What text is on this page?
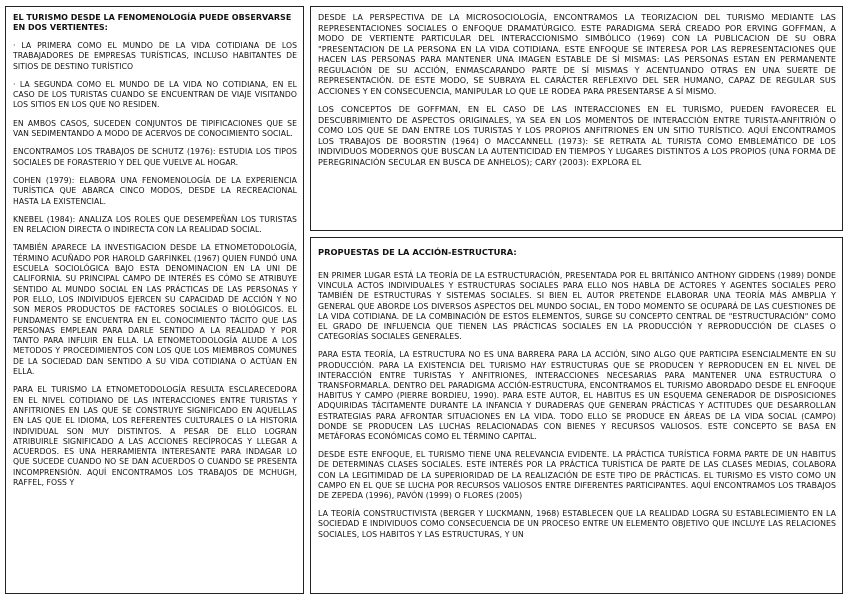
EL TURISMO DESDE LA FENOMENOLOGÍA PUEDE OBSERVARSE EN DOS VERTIENTES:

· LA PRIMERA COMO EL MUNDO DE LA VIDA COTIDIANA DE LOS TRABAJADORES DE EMPRESAS TURÍSTICAS, INCLUSO HABITANTES DE SITIOS DE DESTINO TURÍSTICO

· LA SEGUNDA COMO EL MUNDO DE LA VIDA NO COTIDIANA, EN EL CASO DE LOS TURISTAS CUANDO SE ENCUENTRAN DE VIAJE VISITANDO LOS SITIOS EN LOS QUE NO RESIDEN.

EN AMBOS CASOS, SUCEDEN CONJUNTOS DE TIPIFICACIONES QUE SE VAN SEDIMENTANDO A MODO DE ACERVOS DE CONOCIMIENTO SOCIAL.

ENCONTRAMOS LOS TRABAJOS DE SCHUTZ (1976): ESTUDIA LOS TIPOS SOCIALES DE FORASTERIO Y DEL QUE VUELVE AL HOGAR.

COHEN (1979): ELABORA UNA FENOMENOLOGÍA DE LA EXPERIENCIA TURÍSTICA QUE ABARCA CINCO MODOS, DESDE LA RECREACIONAL HASTA LA EXISTENCIAL.

KNEBEL (1984): ANALIZA LOS ROLES QUE DESEMPEÑAN LOS TURISTAS EN RELACION DIRECTA O INDIRECTA CON LA REALIDAD SOCIAL.

TAMBIÉN APARECE LA INVESTIGACION DESDE LA ETNOMETODOLOGÍA, TÉRMINO ACUÑADO POR HAROLD GARFINKEL (1967) QUIEN FUNDÓ UNA ESCUELA SOCIOLÓGICA BAJO ESTA DENOMINACION EN LA UNI DE CALIFORNIA. SU PRINCIPAL CAMPO DE INTERÉS ES CÓMO SE ATRIBUYE SENTIDO AL MUNDO SOCIAL EN LAS PRÁCTICAS DE LAS PERSONAS Y POR ELLO, LOS INDIVIDUOS EJERCEN SU CAPACIDAD DE ACCIÓN Y NO SON MEROS PRODUCTOS DE FACTORES SOCIALES O BIOLÓGICOS. EL FUNDAMENTO SE ENCUENTRA EN EL CONOCIMIENTO TÁCITO QUE LAS PERSONAS EMPLEAN PARA DARLE SENTIDO A LA REALIDAD Y POR TANTO PARA INFLUIR EN ELLA. LA ETNOMETODOLOGÍA ALUDE A LOS METODOS Y PROCEDIMIENTOS CON LOS QUE LOS MIEMBROS COMUNES DE LA SOCIEDAD DAN SENTIDO A SU VIDA COTIDIANA O ACTÚAN EN ELLA.

PARA EL TURISMO LA ETNOMETODOLOGÍA RESULTA ESCLARECEDORA EN EL NIVEL COTIDIANO DE LAS INTERACCIONES ENTRE TURISTAS Y ANFITRIONES EN LAS QUE SE CONSTRUYE SIGNIFICADO EN AQUELLAS EN LAS QUE EL IDIOMA, LOS REFERENTES CULTURALES O LA HISTORIA INDIVIDUAL SON MUY DISTINTOS. A PESAR DE ELLO LOGRAN ATRIBUIRLE SIGNIFICADO A LAS ACCIONES RECÍPROCAS Y LLEGAR A ACUERDOS. ES UNA HERRAMIENTA INTERESANTE PARA INDAGAR LO QUE SUCEDE CUANDO NO SE DAN ACUERDOS O CUANDO SE PRESENTA INCOMPRENSIÓN. AQUÍ ENCONTRAMOS LOS TRABAJOS DE MCHUGH, RAFFEL, FOSS Y

DESDE LA PERSPECTIVA DE LA MICROSOCIOLOGÍA, ENCONTRAMOS LA TEORIZACION DEL TURISMO MEDIANTE LAS REPRESENTACIONES SOCIALES O ENFOQUE DRAMATÚRGICO. ESTE PARADIGMA SERÁ CREADO POR ERVING GOFFMAN, A MODO DE VERTIENTE PARTICULAR DEL INTERACCIONISMO SIMBÓLICO (1969) CON LA PUBLICACION DE SU OBRA "PRESENTACION DE LA PERSONA EN LA VIDA COTIDIANA. ESTE ENFOQUE SE INTERESA POR LAS REPRESENTACIONES QUE HACEN LAS PERSONAS PARA MANTENER UNA IMAGEN ESTABLE DE SÍ MISMAS: LAS PERSONAS ESTAN EN PERMANENTE REGULACIÓN DE SU ACCIÓN, ENMASCARANDO PARTE DE SÍ MISMAS Y ACENTUANDO OTRAS EN UNA SUERTE DE REPRESENTACIÓN. DE ESTE MODO, SE SUBRAYA EL CARÁCTER REFLEXIVO DEL SER HUMANO, CAPAZ DE REGULAR SUS ACCIONES Y EN CONSECUENCIA, MANIPULAR LO QUE LE RODEA PARA PRESENTARSE A SÍ MISMO.

LOS CONCEPTOS DE GOFFMAN, EN EL CASO DE LAS INTERACCIONES EN EL TURISMO, PUEDEN FAVORECER EL DESCUBRIMIENTO DE ASPECTOS ORIGINALES, YA SEA EN LOS MOMENTOS DE INTERACCIÓN ENTRE TURISTA-ANFITRIÓN O COMO LOS QUE SE DAN ENTRE LOS TURISTAS Y LOS PROPIOS ANFITRIONES EN UN SITIO TURÍSTICO. AQUÍ ENCONTRAMOS LOS TRABAJOS DE BOORSTIN (1964) O MACCANNELL (1973): SE RETRATA AL TURISTA COMO EMBLEMÁTICO DE LOS INDIVIDUOS MODERNOS QUE BUSCAN LA AUTENTICIDAD EN TIEMPOS Y LUGARES DISTINTOS A LOS PROPIOS (UNA FORMA DE PEREGRINACIÓN SECULAR EN BUSCA DE ANHELOS); CARY (2003): EXPLORA EL

PROPUESTAS DE LA ACCIÓN-ESTRUCTURA:

EN PRIMER LUGAR ESTÁ LA TEORÍA DE LA ESTRUCTURACIÓN, PRESENTADA POR EL BRITÁNICO ANTHONY GIDDENS (1989) DONDE VINCULA ACTOS INDIVIDUALES Y ESTRUCTURAS SOCIALES PARA ELLO NOS HABLA DE ACTORES Y AGENTES SOCIALES PERO TAMBIÉN DE ESTRUCTURAS Y SISTEMAS SOCIALES. SI BIEN EL AUTOR PRETENDE ELABORAR UNA TEORÍA MÁS AMBPLIA Y GENERAL QUE ABORDE LOS DIVERSOS ASPECTOS DEL MUNDO SOCIAL, EN TODO MOMENTO SE OCUPARÁ DE LAS CUESTIONES DE LA VIDA COTIDIANA. DE LA COMBINACIÓN DE ESTOS ELEMENTOS, SURGE SU CONCEPTO CENTRAL DE "ESTRUCTURACIÓN" COMO EL GRADO DE INFLUENCIA QUE TIENEN LAS PRÁCTICAS SOCIALES EN LA PRODUCCIÓN Y REPRODUCCIÓN DE CLASES O CATEGORÍAS SOCIALES GENERALES.

PARA ESTA TEORÍA, LA ESTRUCTURA NO ES UNA BARRERA PARA LA ACCIÓN, SINO ALGO QUE PARTICIPA ESENCIALMENTE EN SU PRODUCCIÓN. PARA LA EXISTENCIA DEL TURISMO HAY ESTRUCTURAS QUE SE PRODUCEN Y REPRODUCEN EN EL NIVEL DE INTERACCIÓN ENTRE TURISTAS Y ANFITRIONES, INTERACCIONES NECESARIAS PARA MANTENER UNA ESTRUCTURA O TRANSFORMARLA. DENTRO DEL PARADIGMA ACCIÓN-ESTRUCTURA, ENCONTRAMOS EL TURISMO ABORDADO DESDE EL ENFOQUE HABITUS Y CAMPO (PIERRE BORDIEU, 1990). PARA ESTE AUTOR, EL HABITUS ES UN ESQUEMA GENERADOR DE DISPOSICIONES ADQUIRIDAS TÁCITAMENTE DURANTE LA INFANCIA Y DURADERAS QUE GENERAN PRÁCTICAS Y ACTITUDES QUE DESARROLLAN ESTRATEGIAS PARA AFRONTAR SITUACIONES EN LA VIDA. TODO ELLO SE PRODUCE EN ÁREAS DE LA VIDA SOCIAL (CAMPO) DONDE SE PRODUCEN LAS LUCHAS RELACIONADAS CON BIENES Y RECURSOS VALIOSOS. ESTE CONCEPTO SE BASA EN METÁFORAS ECONÓMICAS COMO EL TÉRMINO CAPITAL.

DESDE ESTE ENFOQUE, EL TURISMO TIENE UNA RELEVANCIA EVIDENTE. LA PRÁCTICA TURÍSTICA FORMA PARTE DE UN HABITUS DE DETERMINAS CLASES SOCIALES. ESTE INTERÉS POR LA PRÁCTICA TURÍSTICA DE PARTE DE LAS CLASES MEDIAS, COLABORA CON LA LEGITIMIDAD DE LA SUPERIORIDAD DE LA REALIZACIÓN DE ESTE TIPO DE PRÁCTICAS. EL TURISMO ES VISTO COMO UN CAMPO EN EL QUE SE LUCHA POR RECURSOS VALIOSOS ENTRE DIFERENTES PARTICIPANTES. AQUÍ ENCONTRAMOS LOS TRABAJOS DE ZEPEDA (1996), PAVÓN (1999) O FLORES (2005)

LA TEORÍA CONSTRUCTIVISTA (BERGER Y LUCKMANN, 1968) ESTABLECEN QUE LA REALIDAD LOGRA SU ESTABLECIMIENTO EN LA SOCIEDAD E INDIVIDUOS COMO CONSECUENCIA DE UN PROCESO ENTRE UN ELEMENTO OBJETIVO QUE INCLUYE LAS RELACIONES SOCIALES, LOS HABITOS Y LAS ESTRUCTURAS, Y UN
